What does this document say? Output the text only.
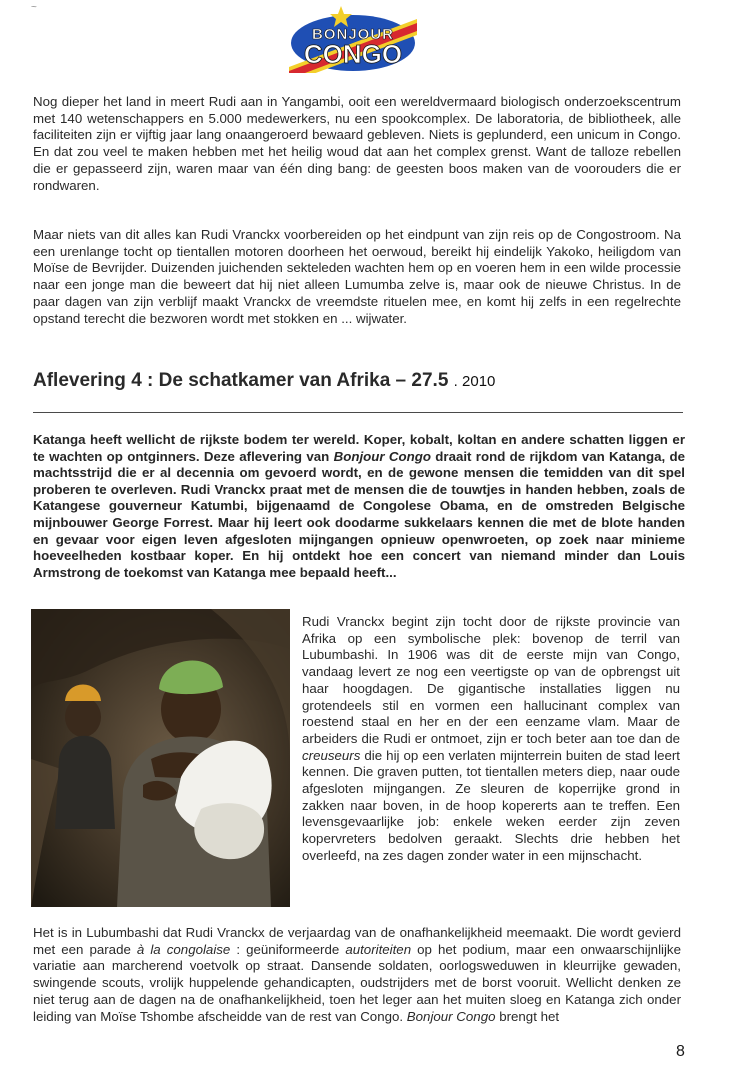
BONJOUR
CONGO
~

Nog dieper het land in meert Rudi aan in Yangambi, ooit een wereldvermaard biologisch onderzoekscentrum met 140 wetenschappers en 5.000 medewerkers, nu een spookcomplex. De laboratoria, de bibliotheek, alle faciliteiten zijn er vijftig jaar lang onaangeroerd bewaard gebleven. Niets is geplunderd, een unicum in Congo. En dat zou veel te maken hebben met het heilig woud dat aan het complex grenst. Want de talloze rebellen die er gepasseerd zijn, waren maar van één ding bang: de geesten boos maken van de voorouders die er rondwaren.

Maar niets van dit alles kan Rudi Vranckx voorbereiden op het eindpunt van zijn reis op de Congostroom. Na een urenlange tocht op tientallen motoren doorheen het oerwoud, bereikt hij eindelijk Yakoko, heiligdom van Moïse de Bevrijder. Duizenden juichenden sekteleden wachten hem op en voeren hem in een wilde processie naar een jonge man die beweert dat hij niet alleen Lumumba zelve is, maar ook de nieuwe Christus. In de paar dagen van zijn verblijf maakt Vranckx de vreemdste rituelen mee, en komt hij zelfs in een regelrechte opstand terecht die bezworen wordt met stokken en ... wijwater.

Aflevering 4 : De schatkamer van Afrika – 27.5 . 2010

Katanga heeft wellicht de rijkste bodem ter wereld. Koper, kobalt, koltan en andere schatten liggen er te wachten op ontginners. Deze aflevering van Bonjour Congo draait rond de rijkdom van Katanga, de machtsstrijd die er al decennia om gevoerd wordt, en de gewone mensen die temidden van dit spel proberen te overleven. Rudi Vranckx praat met de mensen die de touwtjes in handen hebben, zoals de Katangese gouverneur Katumbi, bijgenaamd de Congolese Obama, en de omstreden Belgische mijnbouwer George Forrest. Maar hij leert ook doodarme sukkelaars kennen die met de blote handen en gevaar voor eigen leven afgesloten mijngangen opnieuw openwroeten, op zoek naar minieme hoeveelheden kostbaar koper. En hij ontdekt hoe een concert van niemand minder dan Louis Armstrong de toekomst van Katanga mee bepaald heeft...

Rudi Vranckx begint zijn tocht door de rijkste provincie van Afrika op een symbolische plek: bovenop de terril van Lubumbashi. In 1906 was dit de eerste mijn van Congo, vandaag levert ze nog een veertigste op van de opbrengst uit haar hoogdagen. De gigantische installaties liggen nu grotendeels stil en vormen een hallucinant complex van roestend staal en her en der een eenzame vlam. Maar de arbeiders die Rudi er ontmoet, zijn er toch beter aan toe dan de creuseurs die hij op een verlaten mijnterrein buiten de stad leert kennen. Die graven putten, tot tientallen meters diep, naar oude afgesloten mijngangen. Ze sleuren de koperrijke grond in zakken naar boven, in de hoop kopererts aan te treffen. Een levensgevaarlijke job: enkele weken eerder zijn zeven kopervreters bedolven geraakt. Slechts drie hebben het overleefd, na zes dagen zonder water in een mijnschacht.

Het is in Lubumbashi dat Rudi Vranckx de verjaardag van de onafhankelijkheid meemaakt. Die wordt gevierd met een parade à la congolaise : geüniformeerde autoriteiten op het podium, maar een onwaarschijnlijke variatie aan marcherend voetvolk op straat. Dansende soldaten, oorlogsweduwen in kleurrijke gewaden, swingende scouts, vrolijk huppelende gehandicapten, oudstrijders met de borst vooruit. Wellicht denken ze niet terug aan de dagen na de onafhankelijkheid, toen het leger aan het muiten sloeg en Katanga zich onder leiding van Moïse Tshombe afscheidde van de rest van Congo. Bonjour Congo brengt het

8
